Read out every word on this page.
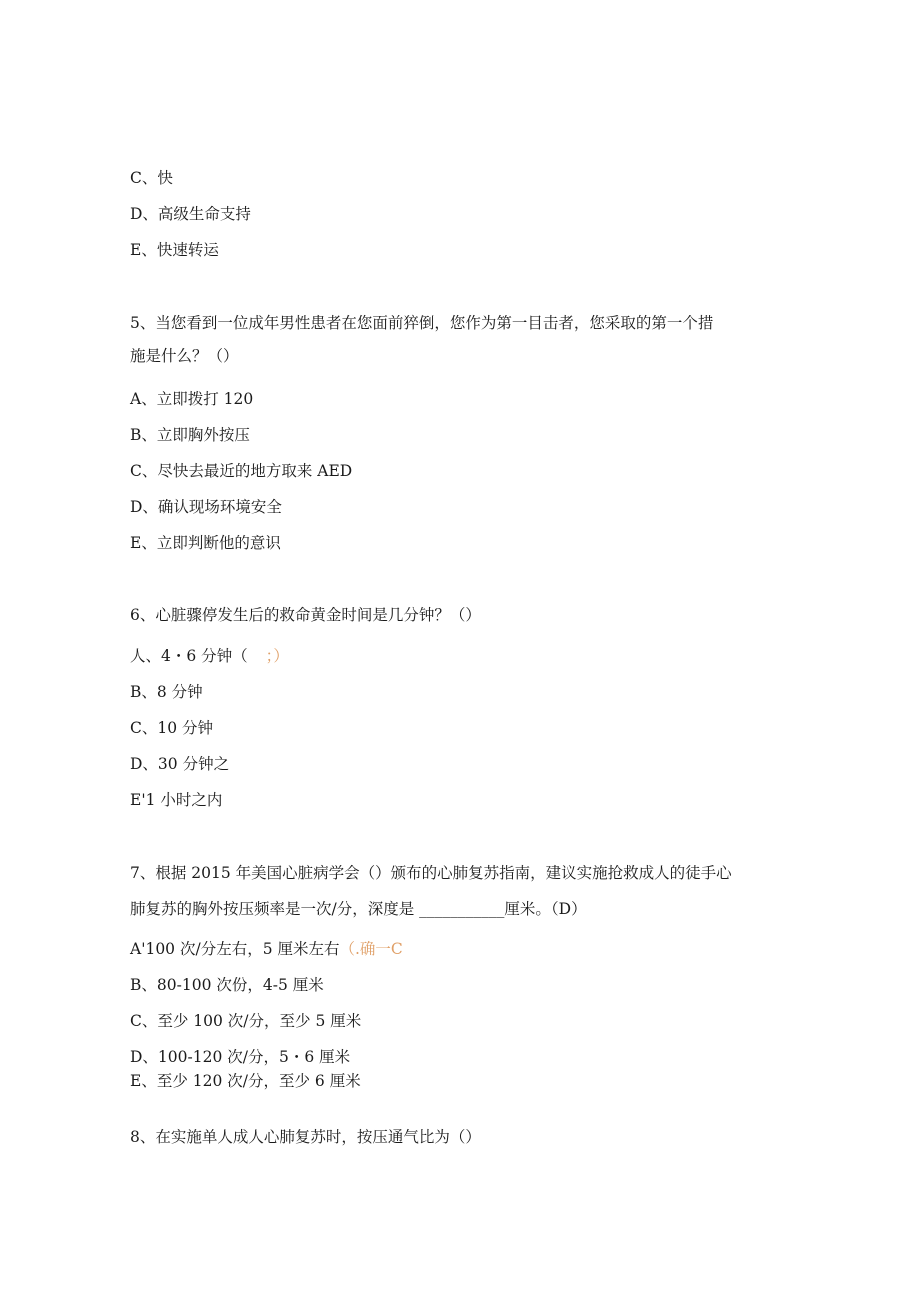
C、快
D、高级生命支持
E、快速转运
5、当您看到一位成年男性患者在您面前猝倒，您作为第一目击者，您采取的第一个措
施是什么？（）
A、立即拨打 120
B、立即胸外按压
C、尽快去最近的地方取来 AED
D、确认现场环境安全
E、立即判断他的意识
6、心脏骤停发生后的救命黄金时间是几分钟？（）
人、4・6 分钟（ ；）
B、8 分钟
C、10 分钟
D、30 分钟之
E'1 小时之内
7、根据 2015 年美国心脏病学会（）颁布的心肺复苏指南，建议实施抢救成人的徒手心
肺复苏的胸外按压频率是一次/分，深度是 ___________厘米。（D）
A'100 次/分左右，5 厘米左右（.确一C
B、80-100 次份，4-5 厘米
C、至少 100 次/分，至少 5 厘米
D、100-120 次/分，5・6 厘米
E、至少 120 次/分，至少 6 厘米
8、在实施单人成人心肺复苏时，按压通气比为（）
